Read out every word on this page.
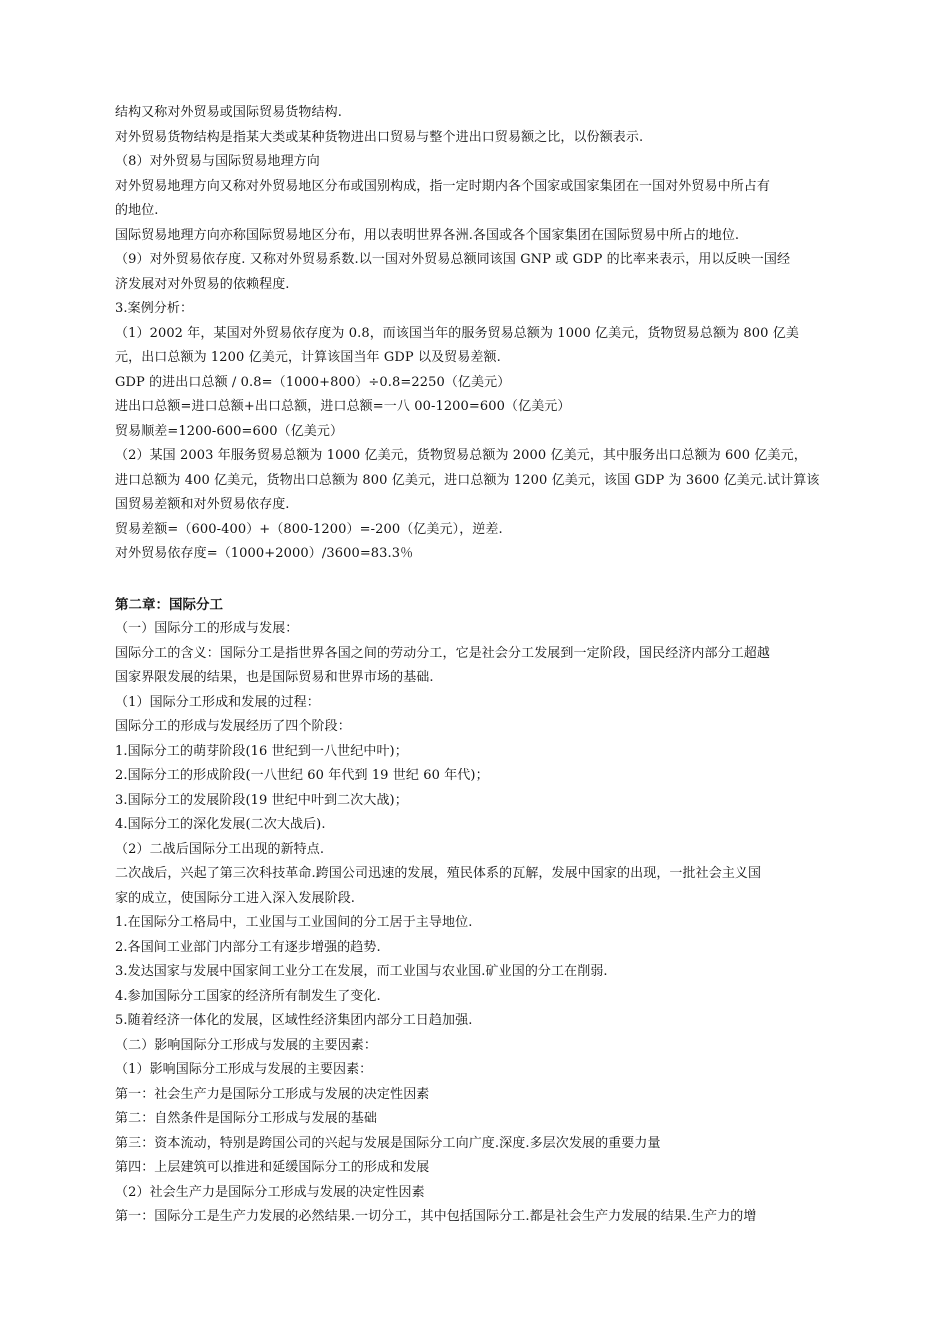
结构又称对外贸易或国际贸易货物结构.
对外贸易货物结构是指某大类或某种货物进出口贸易与整个进出口贸易额之比，以份额表示.
（8）对外贸易与国际贸易地理方向
对外贸易地理方向又称对外贸易地区分布或国别构成，指一定时期内各个国家或国家集团在一国对外贸易中所占有
的地位.
国际贸易地理方向亦称国际贸易地区分布，用以表明世界各洲.各国或各个国家集团在国际贸易中所占的地位.
（9）对外贸易依存度. 又称对外贸易系数.以一国对外贸易总额同该国 GNP 或 GDP 的比率来表示，用以反映一国经
济发展对对外贸易的依赖程度.
3.案例分析：
（1）2002 年，某国对外贸易依存度为 0.8，而该国当年的服务贸易总额为 1000 亿美元，货物贸易总额为 800 亿美
元，出口总额为 1200 亿美元，计算该国当年 GDP 以及贸易差额.
GDP 的进出口总额 / 0.8=（1000+800）÷0.8=2250（亿美元）
进出口总额=进口总额+出口总额，进口总额=一八 00-1200=600（亿美元）
贸易顺差=1200-600=600（亿美元）
（2）某国 2003 年服务贸易总额为 1000 亿美元，货物贸易总额为 2000 亿美元，其中服务出口总额为 600 亿美元，
进口总额为 400 亿美元，货物出口总额为 800 亿美元，进口总额为 1200 亿美元，该国 GDP 为 3600 亿美元.试计算该
国贸易差额和对外贸易依存度.
贸易差额=（600-400）+（800-1200）=-200（亿美元），逆差.
对外贸易依存度=（1000+2000）/3600=83.3％
第二章：国际分工
（一）国际分工的形成与发展：
国际分工的含义：国际分工是指世界各国之间的劳动分工，它是社会分工发展到一定阶段，国民经济内部分工超越
国家界限发展的结果，也是国际贸易和世界市场的基础.
（1）国际分工形成和发展的过程：
国际分工的形成与发展经历了四个阶段：
1.国际分工的萌芽阶段(16 世纪到一八世纪中叶)；
2.国际分工的形成阶段(一八世纪 60 年代到 19 世纪 60 年代)；
3.国际分工的发展阶段(19 世纪中叶到二次大战)；
4.国际分工的深化发展(二次大战后).
（2）二战后国际分工出现的新特点.
二次战后，兴起了第三次科技革命.跨国公司迅速的发展，殖民体系的瓦解，发展中国家的出现，一批社会主义国
家的成立，使国际分工进入深入发展阶段.
1.在国际分工格局中，工业国与工业国间的分工居于主导地位.
2.各国间工业部门内部分工有逐步增强的趋势.
3.发达国家与发展中国家间工业分工在发展，而工业国与农业国.矿业国的分工在削弱.
4.参加国际分工国家的经济所有制发生了变化.
5.随着经济一体化的发展，区域性经济集团内部分工日趋加强.
（二）影响国际分工形成与发展的主要因素：
（1）影响国际分工形成与发展的主要因素：
第一：社会生产力是国际分工形成与发展的决定性因素
第二：自然条件是国际分工形成与发展的基础
第三：资本流动，特别是跨国公司的兴起与发展是国际分工向广度.深度.多层次发展的重要力量
第四：上层建筑可以推进和延缓国际分工的形成和发展
（2）社会生产力是国际分工形成与发展的决定性因素
第一：国际分工是生产力发展的必然结果.一切分工，其中包括国际分工.都是社会生产力发展的结果.生产力的增
